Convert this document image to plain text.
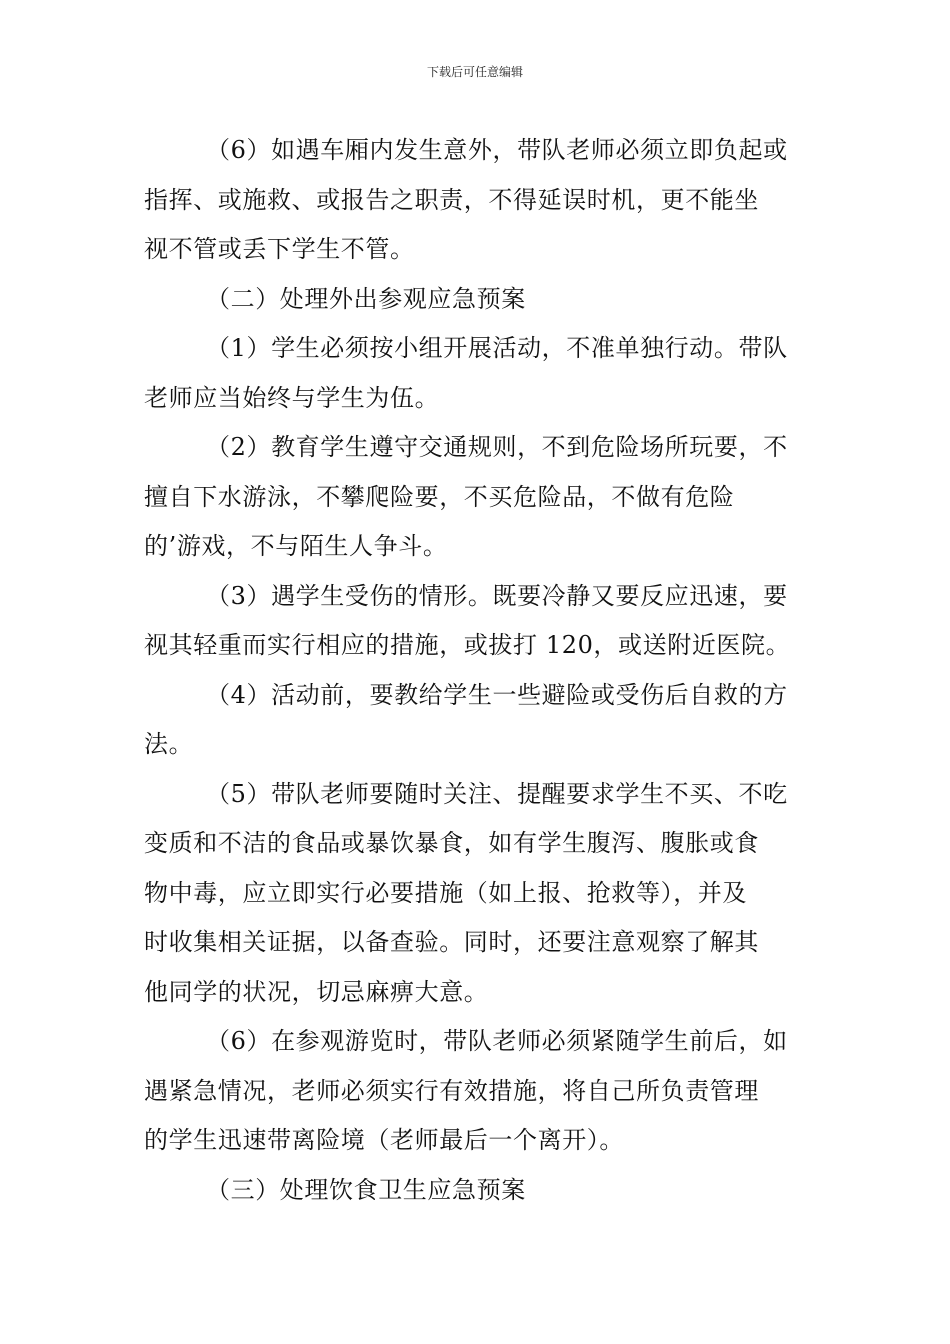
下载后可任意编辑
（6）如遇车厢内发生意外，带队老师必须立即负起或
指挥、或施救、或报告之职责，不得延误时机，更不能坐
视不管或丢下学生不管。
（二）处理外出参观应急预案
（1）学生必须按小组开展活动，不准单独行动。带队
老师应当始终与学生为伍。
（2）教育学生遵守交通规则，不到危险场所玩要，不
擅自下水游泳，不攀爬险要，不买危险品，不做有危险
的’游戏，不与陌生人争斗。
（3）遇学生受伤的情形。既要冷静又要反应迅速，要
视其轻重而实行相应的措施，或拔打 120，或送附近医院。
（4）活动前，要教给学生一些避险或受伤后自救的方
法。
（5）带队老师要随时关注、提醒要求学生不买、不吃
变质和不洁的食品或暴饮暴食，如有学生腹泻、腹胀或食
物中毒，应立即实行必要措施（如上报、抢救等），并及
时收集相关证据，以备查验。同时，还要注意观察了解其
他同学的状况，切忌麻痹大意。
（6）在参观游览时，带队老师必须紧随学生前后，如
遇紧急情况，老师必须实行有效措施，将自己所负责管理
的学生迅速带离险境（老师最后一个离开）。
（三）处理饮食卫生应急预案
